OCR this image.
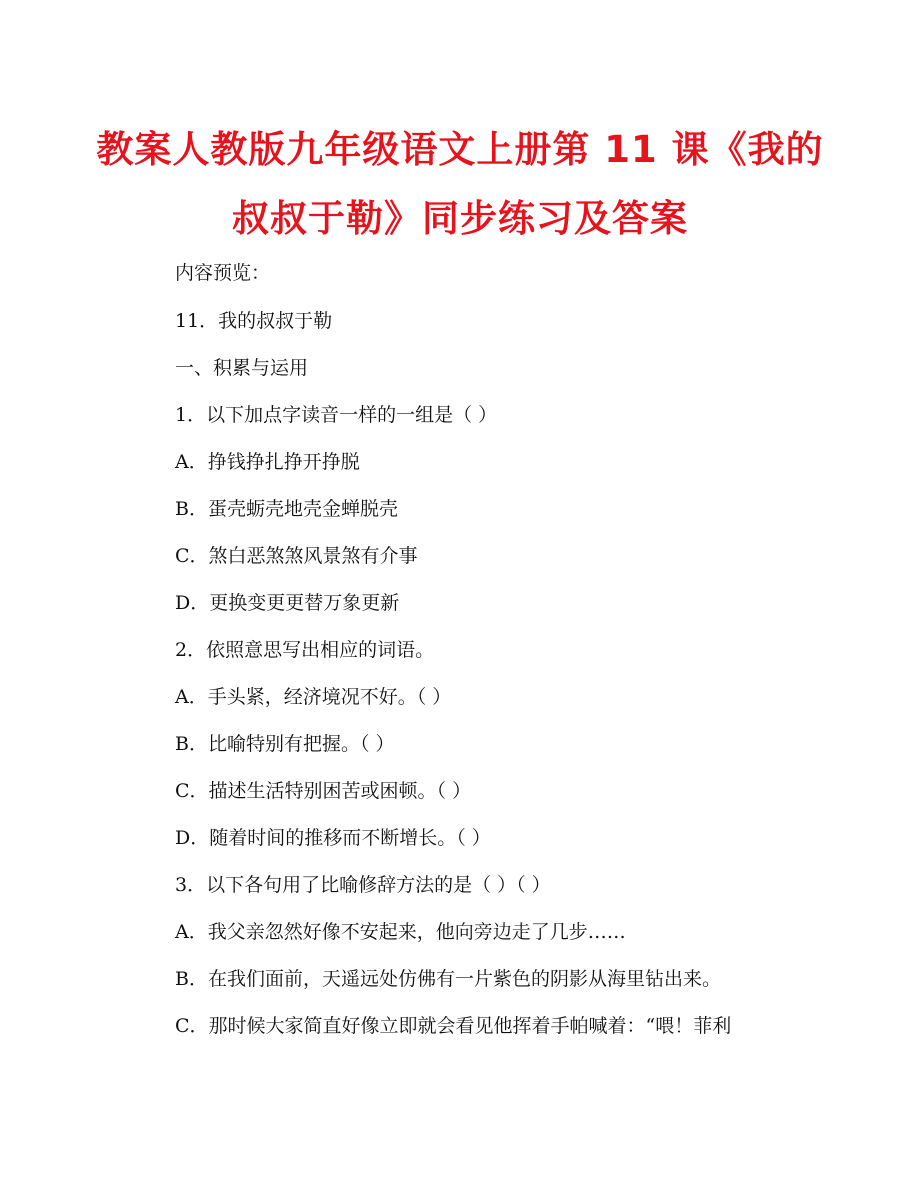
教案人教版九年级语文上册第 11 课《我的
叔叔于勒》同步练习及答案
内容预览：
11．我的叔叔于勒
一、积累与运用
1．以下加点字读音一样的一组是（ ）
A．挣钱挣扎挣开挣脱
B．蛋壳蛎壳地壳金蝉脱壳
C．煞白恶煞煞风景煞有介事
D．更换变更更替万象更新
2．依照意思写出相应的词语。
A．手头紧，经济境况不好。（ ）
B．比喻特别有把握。（ ）
C．描述生活特别困苦或困顿。（ ）
D．随着时间的推移而不断增长。（ ）
3．以下各句用了比喻修辞方法的是（ ）（ ）
A．我父亲忽然好像不安起来，他向旁边走了几步……
B．在我们面前，天遥远处仿佛有一片紫色的阴影从海里钻出来。
C．那时候大家简直好像立即就会看见他挥着手帕喊着：“喂！菲利
